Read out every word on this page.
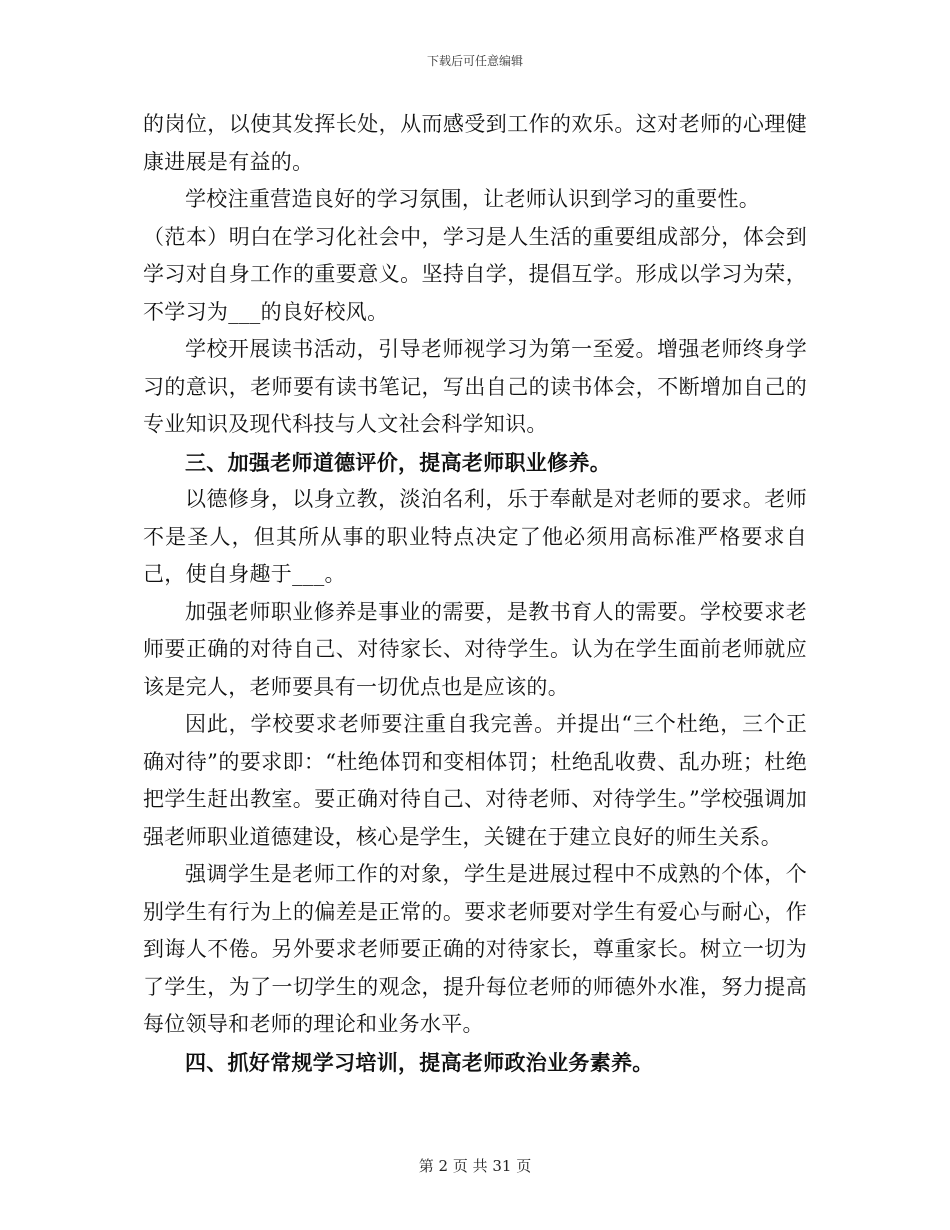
下载后可任意编辑

的岗位，以使其发挥长处，从而感受到工作的欢乐。这对老师的心理健康进展是有益的。

学校注重营造良好的学习氛围，让老师认识到学习的重要性。

（范本）明白在学习化社会中，学习是人生活的重要组成部分，体会到学习对自身工作的重要意义。坚持自学，提倡互学。形成以学习为荣，不学习为___的良好校风。

学校开展读书活动，引导老师视学习为第一至爱。增强老师终身学习的意识，老师要有读书笔记，写出自己的读书体会，不断增加自己的专业知识及现代科技与人文社会科学知识。

三、加强老师道德评价，提高老师职业修养。

以德修身，以身立教，淡泊名利，乐于奉献是对老师的要求。老师不是圣人，但其所从事的职业特点决定了他必须用高标准严格要求自己，使自身趣于___。

加强老师职业修养是事业的需要，是教书育人的需要。学校要求老师要正确的对待自己、对待家长、对待学生。认为在学生面前老师就应该是完人，老师要具有一切优点也是应该的。

因此，学校要求老师要注重自我完善。并提出“三个杜绝，三个正确对待”的要求即：“杜绝体罚和变相体罚；杜绝乱收费、乱办班；杜绝把学生赶出教室。要正确对待自己、对待老师、对待学生。”学校强调加强老师职业道德建设，核心是学生，关键在于建立良好的师生关系。

强调学生是老师工作的对象，学生是进展过程中不成熟的个体，个别学生有行为上的偏差是正常的。要求老师要对学生有爱心与耐心，作到诲人不倦。另外要求老师要正确的对待家长，尊重家长。树立一切为了学生，为了一切学生的观念，提升每位老师的师德外水准，努力提高每位领导和老师的理论和业务水平。

四、抓好常规学习培训，提高老师政治业务素养。

第 2 页 共 31 页
